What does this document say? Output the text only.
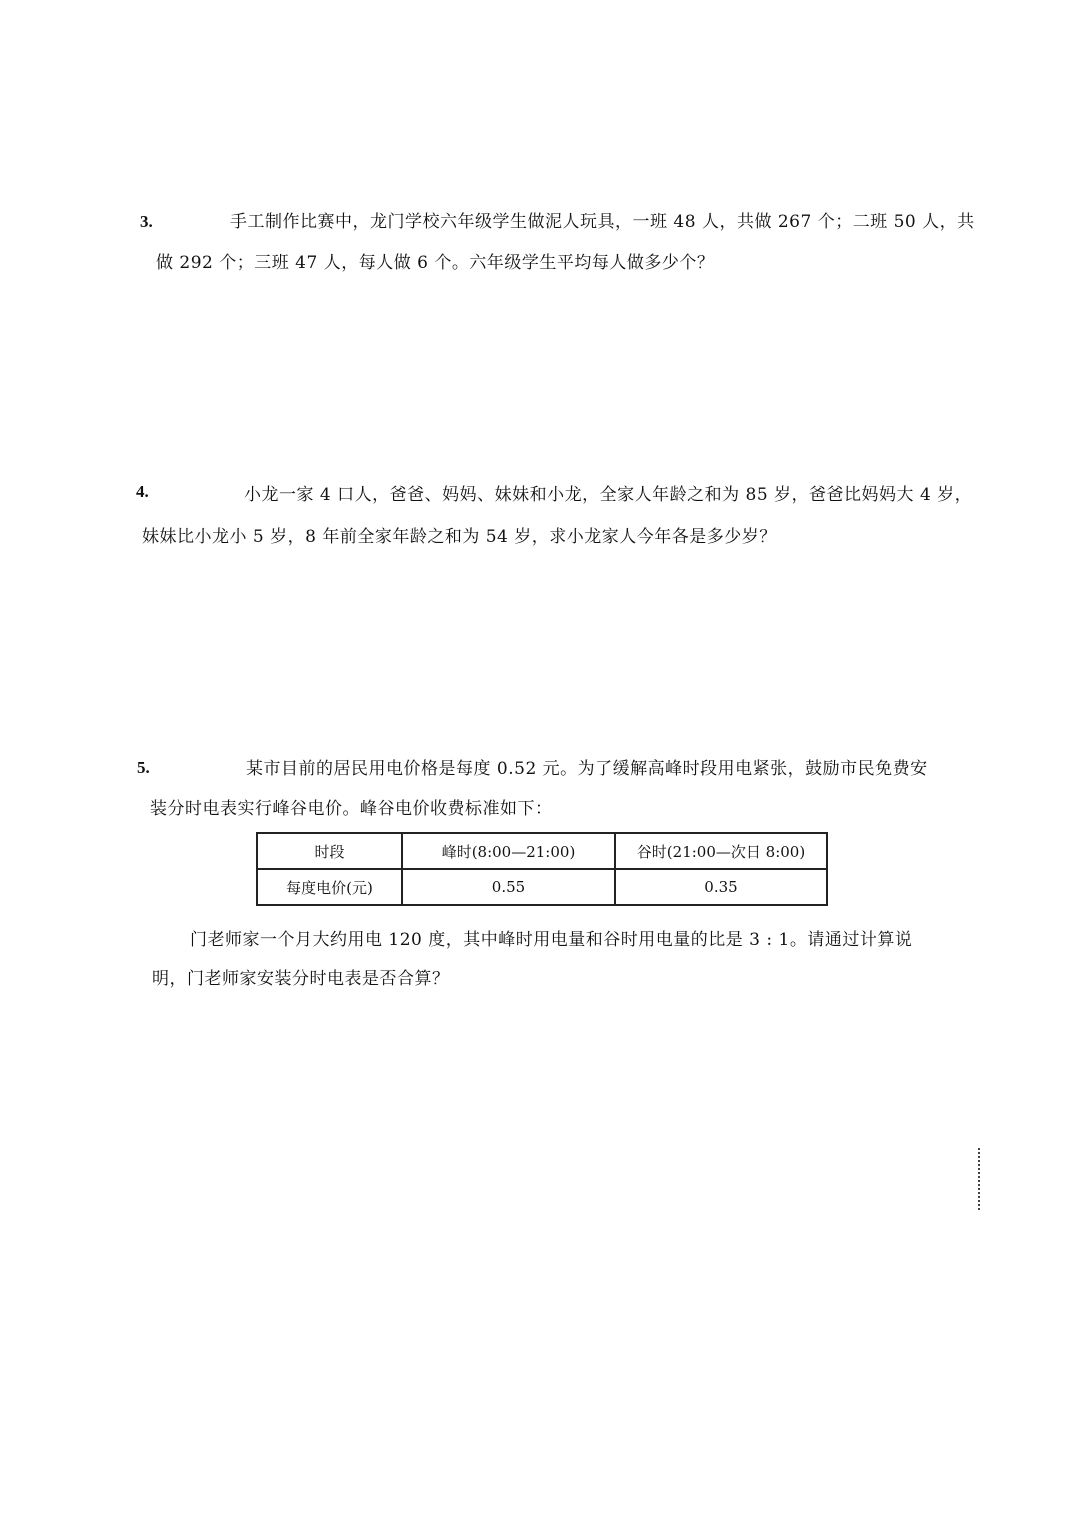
3.	手工制作比赛中，龙门学校六年级学生做泥人玩具，一班 48 人，共做 267 个；二班 50 人，共
做 292 个；三班 47 人，每人做 6 个。六年级学生平均每人做多少个？
4.	小龙一家 4 口人，爸爸、妈妈、妹妹和小龙，全家人年龄之和为 85 岁，爸爸比妈妈大 4 岁，
妹妹比小龙小 5 岁，8 年前全家年龄之和为 54 岁，求小龙家人今年各是多少岁？
5.	某市目前的居民用电价格是每度 0.52 元。为了缓解高峰时段用电紧张，鼓励市民免费安
装分时电表实行峰谷电价。峰谷电价收费标准如下：
时段	峰时(8:00—21:00)	谷时(21:00—次日 8:00)
每度电价(元)	0.55	0.35
门老师家一个月大约用电 120 度，其中峰时用电量和谷时用电量的比是 3 : 1。请通过计算说
明，门老师家安装分时电表是否合算？
